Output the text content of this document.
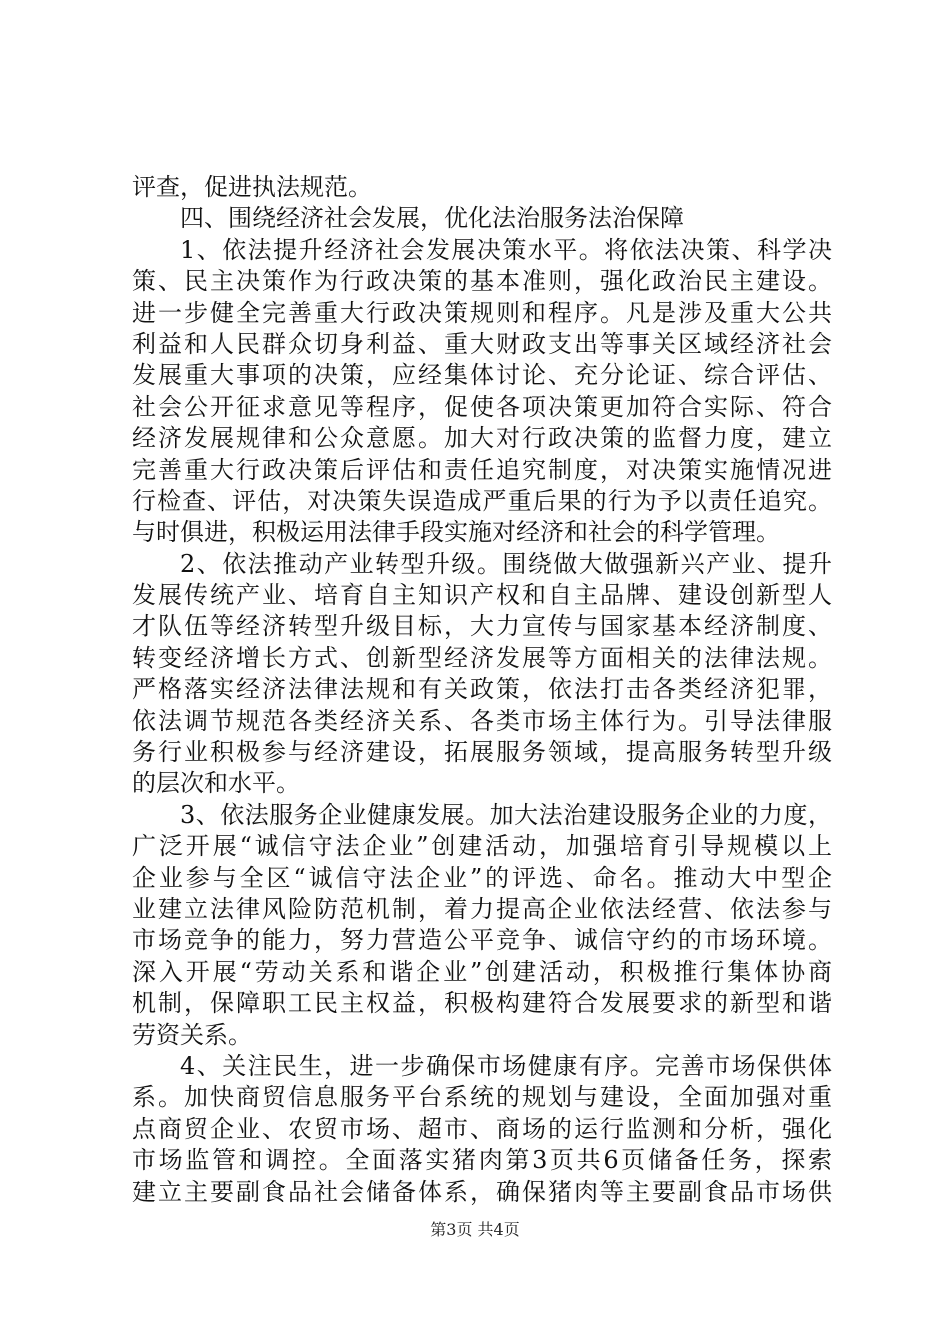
评查，促进执法规范。
四、围绕经济社会发展，优化法治服务法治保障
1、依法提升经济社会发展决策水平。将依法决策、科学决
策、民主决策作为行政决策的基本准则，强化政治民主建设。
进一步健全完善重大行政决策规则和程序。凡是涉及重大公共
利益和人民群众切身利益、重大财政支出等事关区域经济社会
发展重大事项的决策，应经集体讨论、充分论证、综合评估、
社会公开征求意见等程序，促使各项决策更加符合实际、符合
经济发展规律和公众意愿。加大对行政决策的监督力度，建立
完善重大行政决策后评估和责任追究制度，对决策实施情况进
行检查、评估，对决策失误造成严重后果的行为予以责任追究。
与时俱进，积极运用法律手段实施对经济和社会的科学管理。
2、依法推动产业转型升级。围绕做大做强新兴产业、提升
发展传统产业、培育自主知识产权和自主品牌、建设创新型人
才队伍等经济转型升级目标，大力宣传与国家基本经济制度、
转变经济增长方式、创新型经济发展等方面相关的法律法规。
严格落实经济法律法规和有关政策，依法打击各类经济犯罪，
依法调节规范各类经济关系、各类市场主体行为。引导法律服
务行业积极参与经济建设，拓展服务领域，提高服务转型升级
的层次和水平。
3、依法服务企业健康发展。加大法治建设服务企业的力度，
广泛开展“诚信守法企业”创建活动，加强培育引导规模以上
企业参与全区“诚信守法企业”的评选、命名。推动大中型企
业建立法律风险防范机制，着力提高企业依法经营、依法参与
市场竞争的能力，努力营造公平竞争、诚信守约的市场环境。
深入开展“劳动关系和谐企业”创建活动，积极推行集体协商
机制，保障职工民主权益，积极构建符合发展要求的新型和谐
劳资关系。
4、关注民生，进一步确保市场健康有序。完善市场保供体
系。加快商贸信息服务平台系统的规划与建设，全面加强对重
点商贸企业、农贸市场、超市、商场的运行监测和分析，强化
市场监管和调控。全面落实猪肉第3页共6页储备任务，探索
建立主要副食品社会储备体系，确保猪肉等主要副食品市场供
第3页 共4页
